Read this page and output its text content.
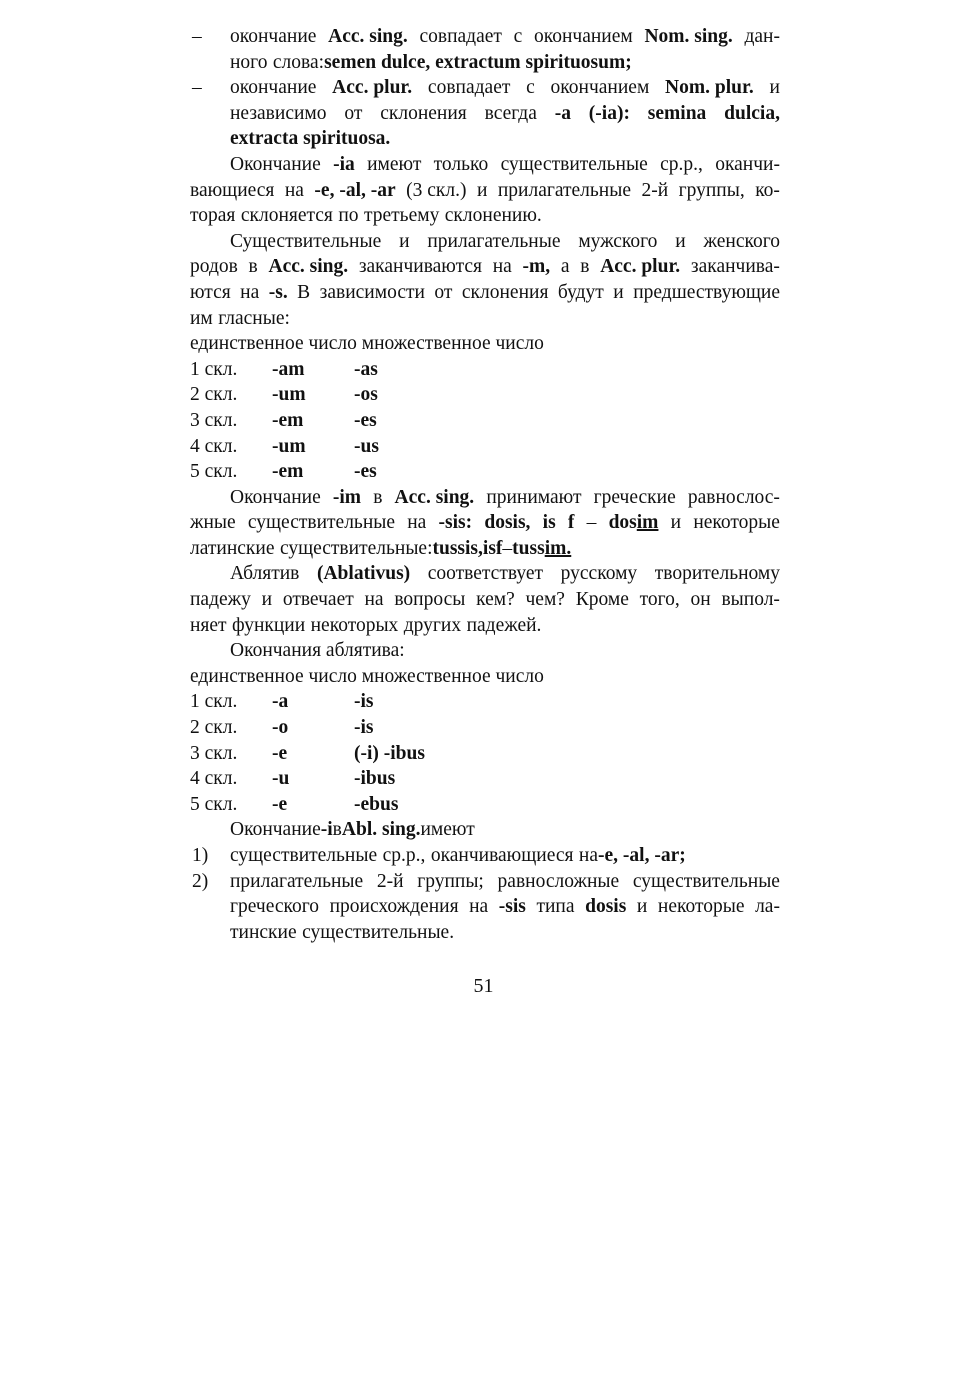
– окончание Acc. sing. совпадает с окончанием Nom. sing. дан-
ного слова: semen dulce, extractum spirituosum;
– окончание Acc. plur. совпадает с окончанием Nom. plur. и
независимо от склонения всегда -a (-ia): semina dulcia,
extracta spirituosa.
Окончание -ia имеют только существительные ср.р., оканчи-
вающиеся на -e, -al, -ar (3 скл.) и прилагательные 2-й группы, ко-
торая склоняется по третьему склонению.
Существительные и прилагательные мужского и женского
родов в Acc. sing. заканчиваются на -m, а в Acc. plur. заканчива-
ются на -s. В зависимости от склонения будут и предшествующие
им гласные:
единственное число множественное число
1 скл.	-am	-as
2 скл.	-um	-os
3 скл.	-em	-es
4 скл.	-um	-us
5 скл.	-em	-es
Окончание -im в Acc. sing. принимают греческие равнослос-
жные существительные на -sis: dosis, is f – dosim и некоторые
латинские существительные: tussis, is f – tussim.
Аблятив (Ablativus) соответствует русскому творительному
падежу и отвечает на вопросы кем? чем? Кроме того, он выпол-
няет функции некоторых других падежей.
Окончания аблятива:
единственное число множественное число
1 скл.	-a	-is
2 скл.	-o	-is
3 скл.	-e	(-i) -ibus
4 скл.	-u	-ibus
5 скл.	-e	-ebus
Окончание -i в Abl. sing. имеют
1) существительные ср.р., оканчивающиеся на -e, -al, -ar;
2) прилагательные 2-й группы; равносложные существительные
греческого происхождения на -sis типа dosis и некоторые ла-
тинские существительные.
51
